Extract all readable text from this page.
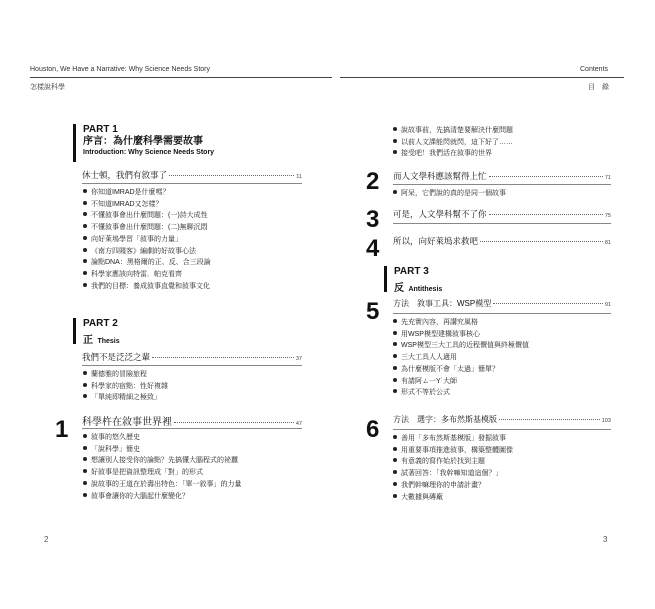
Houston, We Have a Narrative: Why Science Needs Story
怎樣說科學
PART 1
序言：為什麼科學需要故事
Introduction: Why Science Needs Story
休士頓，我們有敘事了	11
你知道IMRAD是什麼嗎？
不知道IMRAD又怎樣？
不懂敘事會出什麼問題：(一)詩大成性
不懂敘事會出什麼問題：(二)無聊沉悶
向好萊塢學習「敘事的力量」
《南方四賤客》編劇的好故事心法
論點DNA：黑格爾的正、反、合三段論
科學家應該向特雷．帕克看齊
我們的目標：養成敘事直覺和敘事文化
PART 2
正 Thesis
我們不是泛泛之輩	37
蘭德雅的冒險旅程
科學家的宿點：性好複雜
「單純即精細之極致」
1 科學杵在敘事世界裡	47
敘事的悠久歷史
「說科學」簡史
想讓別人接受你的論點？先搞懂大腦程式的祕蠶
好敘事是把資訊整理成「對」的形式
說故事的王道在於壽出特色：「單一敘事」的力量
敘事會讓你的大腦起什麼變化？
2
Contents
目　錄
說故事前，先搞清楚要解決什麼問題
以前人文課能閃就閃，這下好了……
接受吧！我們活在敘事的世界
2 而人文學科應該幫得上忙	71
阿呆，它們說的真的是同一個故事
3 可是，人文學科幫不了你	75
4 所以，向好萊塢求救吧	81
PART 3
反 Antithesis
5 方法 敘事工具：WSP模型	91
先充實內容，再講究風格
用WSP模型建構敘事核心
WSP模型三大工具的近程價值與終極價值
三大工具人人適用
為什麼模版不會「太過」簡單？
有請阿ㄙ一Y˙大師
形式不等於公式
6 方法 選字：多布然斯基模版	103
善用「多布然斯基模版」發掘敘事
用重要事項推進敘事，構築整體圖像
有意義的寫作始於找到主題
試著回答：「我幹嘛知道這個？」
我們幹嘛理你的申請計畫？
大數據與磚廠
3
